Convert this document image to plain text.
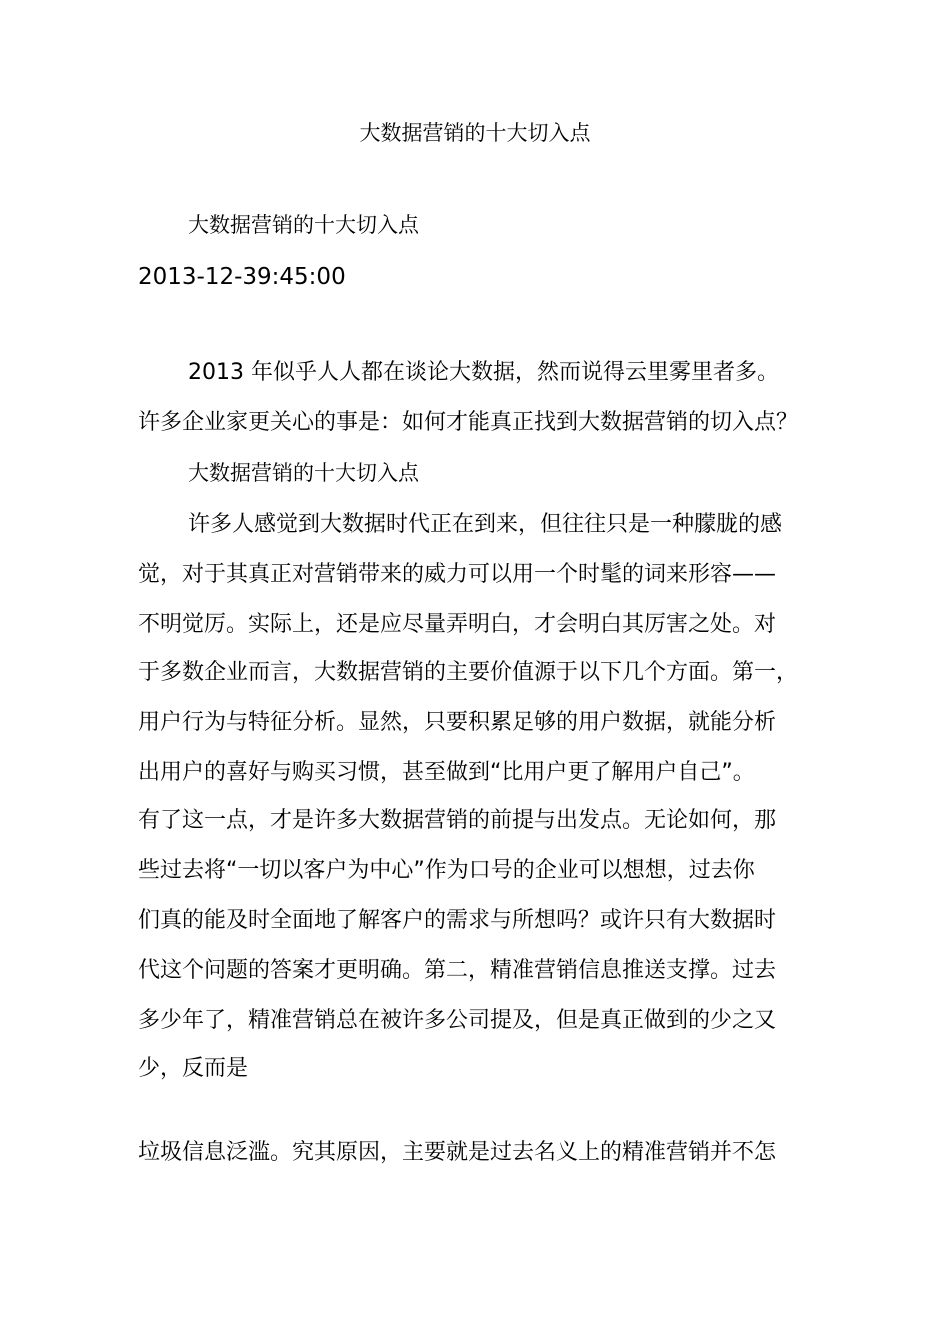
大数据营销的十大切入点
大数据营销的十大切入点
2013-12-39:45:00
2013 年似乎人人都在谈论大数据，然而说得云里雾里者多。
许多企业家更关心的事是：如何才能真正找到大数据营销的切入点？
大数据营销的十大切入点
许多人感觉到大数据时代正在到来，但往往只是一种朦胧的感
觉，对于其真正对营销带来的威力可以用一个时髦的词来形容——
不明觉厉。实际上，还是应尽量弄明白，才会明白其厉害之处。对
于多数企业而言，大数据营销的主要价值源于以下几个方面。第一，
用户行为与特征分析。显然，只要积累足够的用户数据，就能分析
出用户的喜好与购买习惯，甚至做到“比用户更了解用户自己”。
有了这一点，才是许多大数据营销的前提与出发点。无论如何，那
些过去将“一切以客户为中心”作为口号的企业可以想想，过去你
们真的能及时全面地了解客户的需求与所想吗？或许只有大数据时
代这个问题的答案才更明确。第二，精准营销信息推送支撑。过去
多少年了，精准营销总在被许多公司提及，但是真正做到的少之又
少，反而是
垃圾信息泛滥。究其原因，主要就是过去名义上的精准营销并不怎
